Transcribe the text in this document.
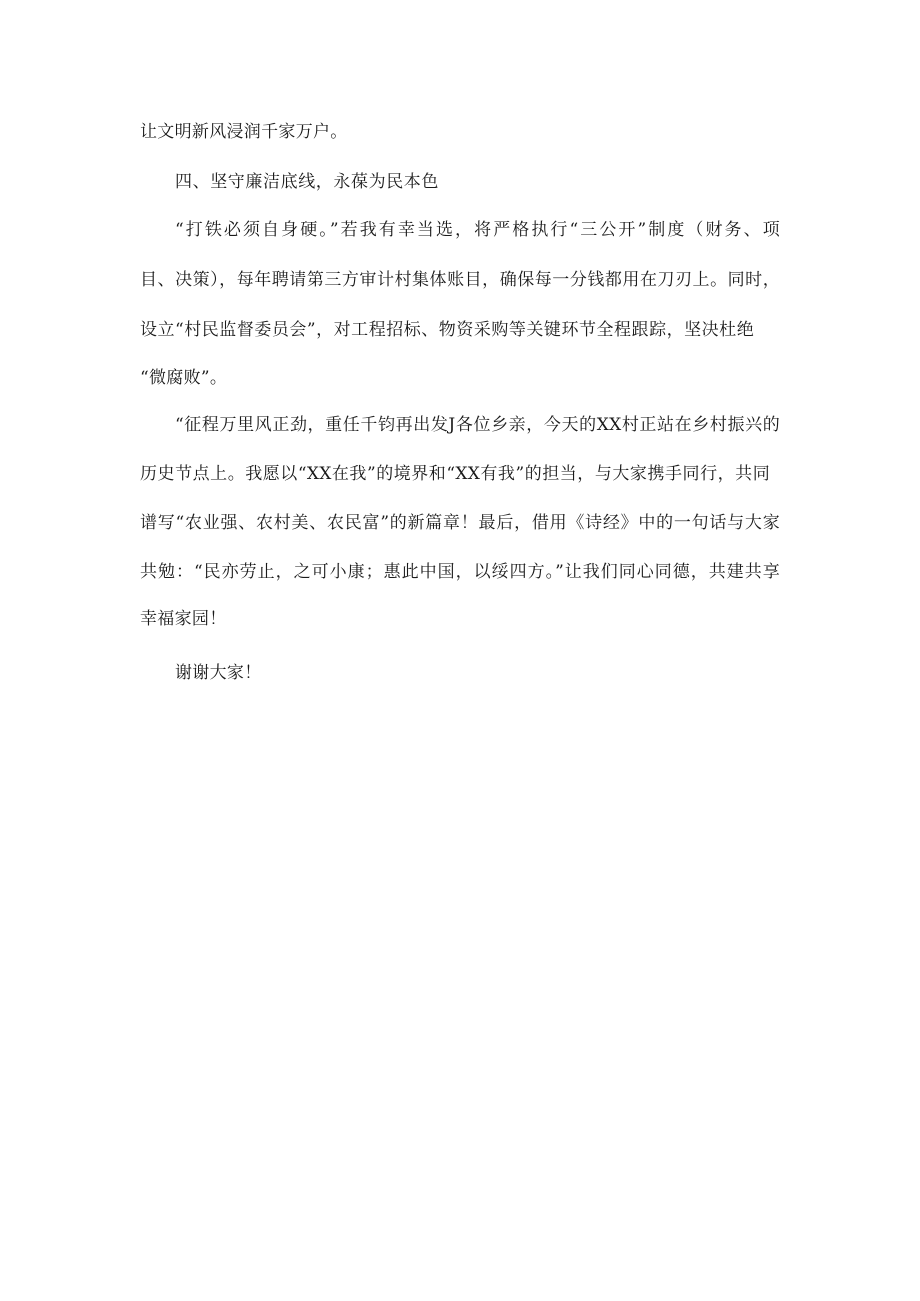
让文明新风浸润千家万户。
四、坚守廉洁底线，永葆为民本色
“打铁必须自身硬。”若我有幸当选，将严格执行“三公开”制度（财务、项
目、决策），每年聘请第三方审计村集体账目，确保每一分钱都用在刀刃上。同时，
设立“村民监督委员会”，对工程招标、物资采购等关键环节全程跟踪，坚决杜绝
“微腐败”。
“征程万里风正劲，重任千钧再出发J各位乡亲，今天的XX村正站在乡村振兴的
历史节点上。我愿以“XX在我”的境界和“XX有我”的担当，与大家携手同行，共同
谱写“农业强、农村美、农民富”的新篇章！最后，借用《诗经》中的一句话与大家
共勉：“民亦劳止，之可小康；惠此中国，以绥四方。”让我们同心同德，共建共享
幸福家园！
谢谢大家！
